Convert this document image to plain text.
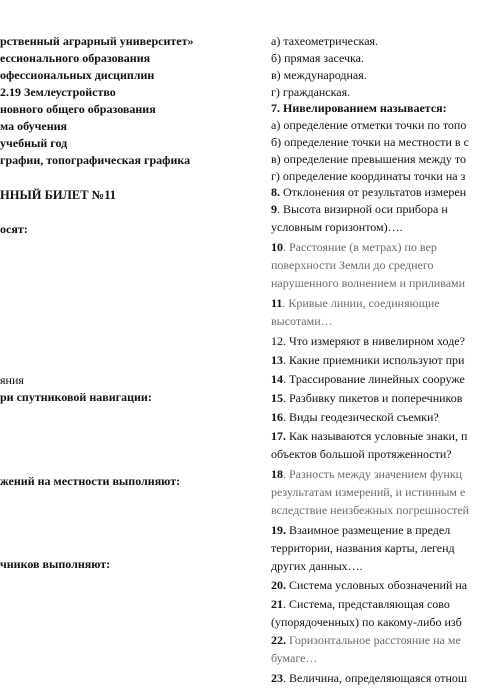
рственный аграрный университет»
ессионального образования
офессиональных дисциплин
2.19 Землеустройство
новного общего образования
ма обучения
учебный год
графии, топографическая графика
ННЫЙ БИЛЕТ №11
осят:
яния
ри спутниковой навигации:
жений на местности выполняют:
чников выполняют:
а) тахеометрическая.
б) прямая засечка.
в) международная.
г) гражданская.
7. Нивелированием называется:
а) определение отметки точки по топо
б) определение точки на местности в с
в) определение превышения между то
г) определение координаты точки на з
8. Отклонения от результатов измерен
9. Высота визирной оси прибора н
условным горизонтом)….
10. Расстояние (в метрах) по вер
поверхности Земли до среднего
нарушенного волнением и приливами
11. Кривые линии, соединяющие
высотами…
12. Что измеряют в нивелирном ходе?
13. Какие приемники используют при
14. Трассирование линейных сооруже
15. Разбивку пикетов и поперечников
16. Виды геодезической съемки?
17. Как называются условные знаки, п
объектов большой протяженности?
18. Разность между значением функц
результатам измерений, и истинным е
вследствие неизбежных погрешностей
19. Взаимное размещение в предел
территории, названия карты, легенд
других данных….
20. Система условных обозначений на
21. Система, представляющая сово
(упорядоченных) по какому-либо изб
22. Горизонтальное расстояние на ме
бумаге…
23. Величина, определяющаяся отнош
